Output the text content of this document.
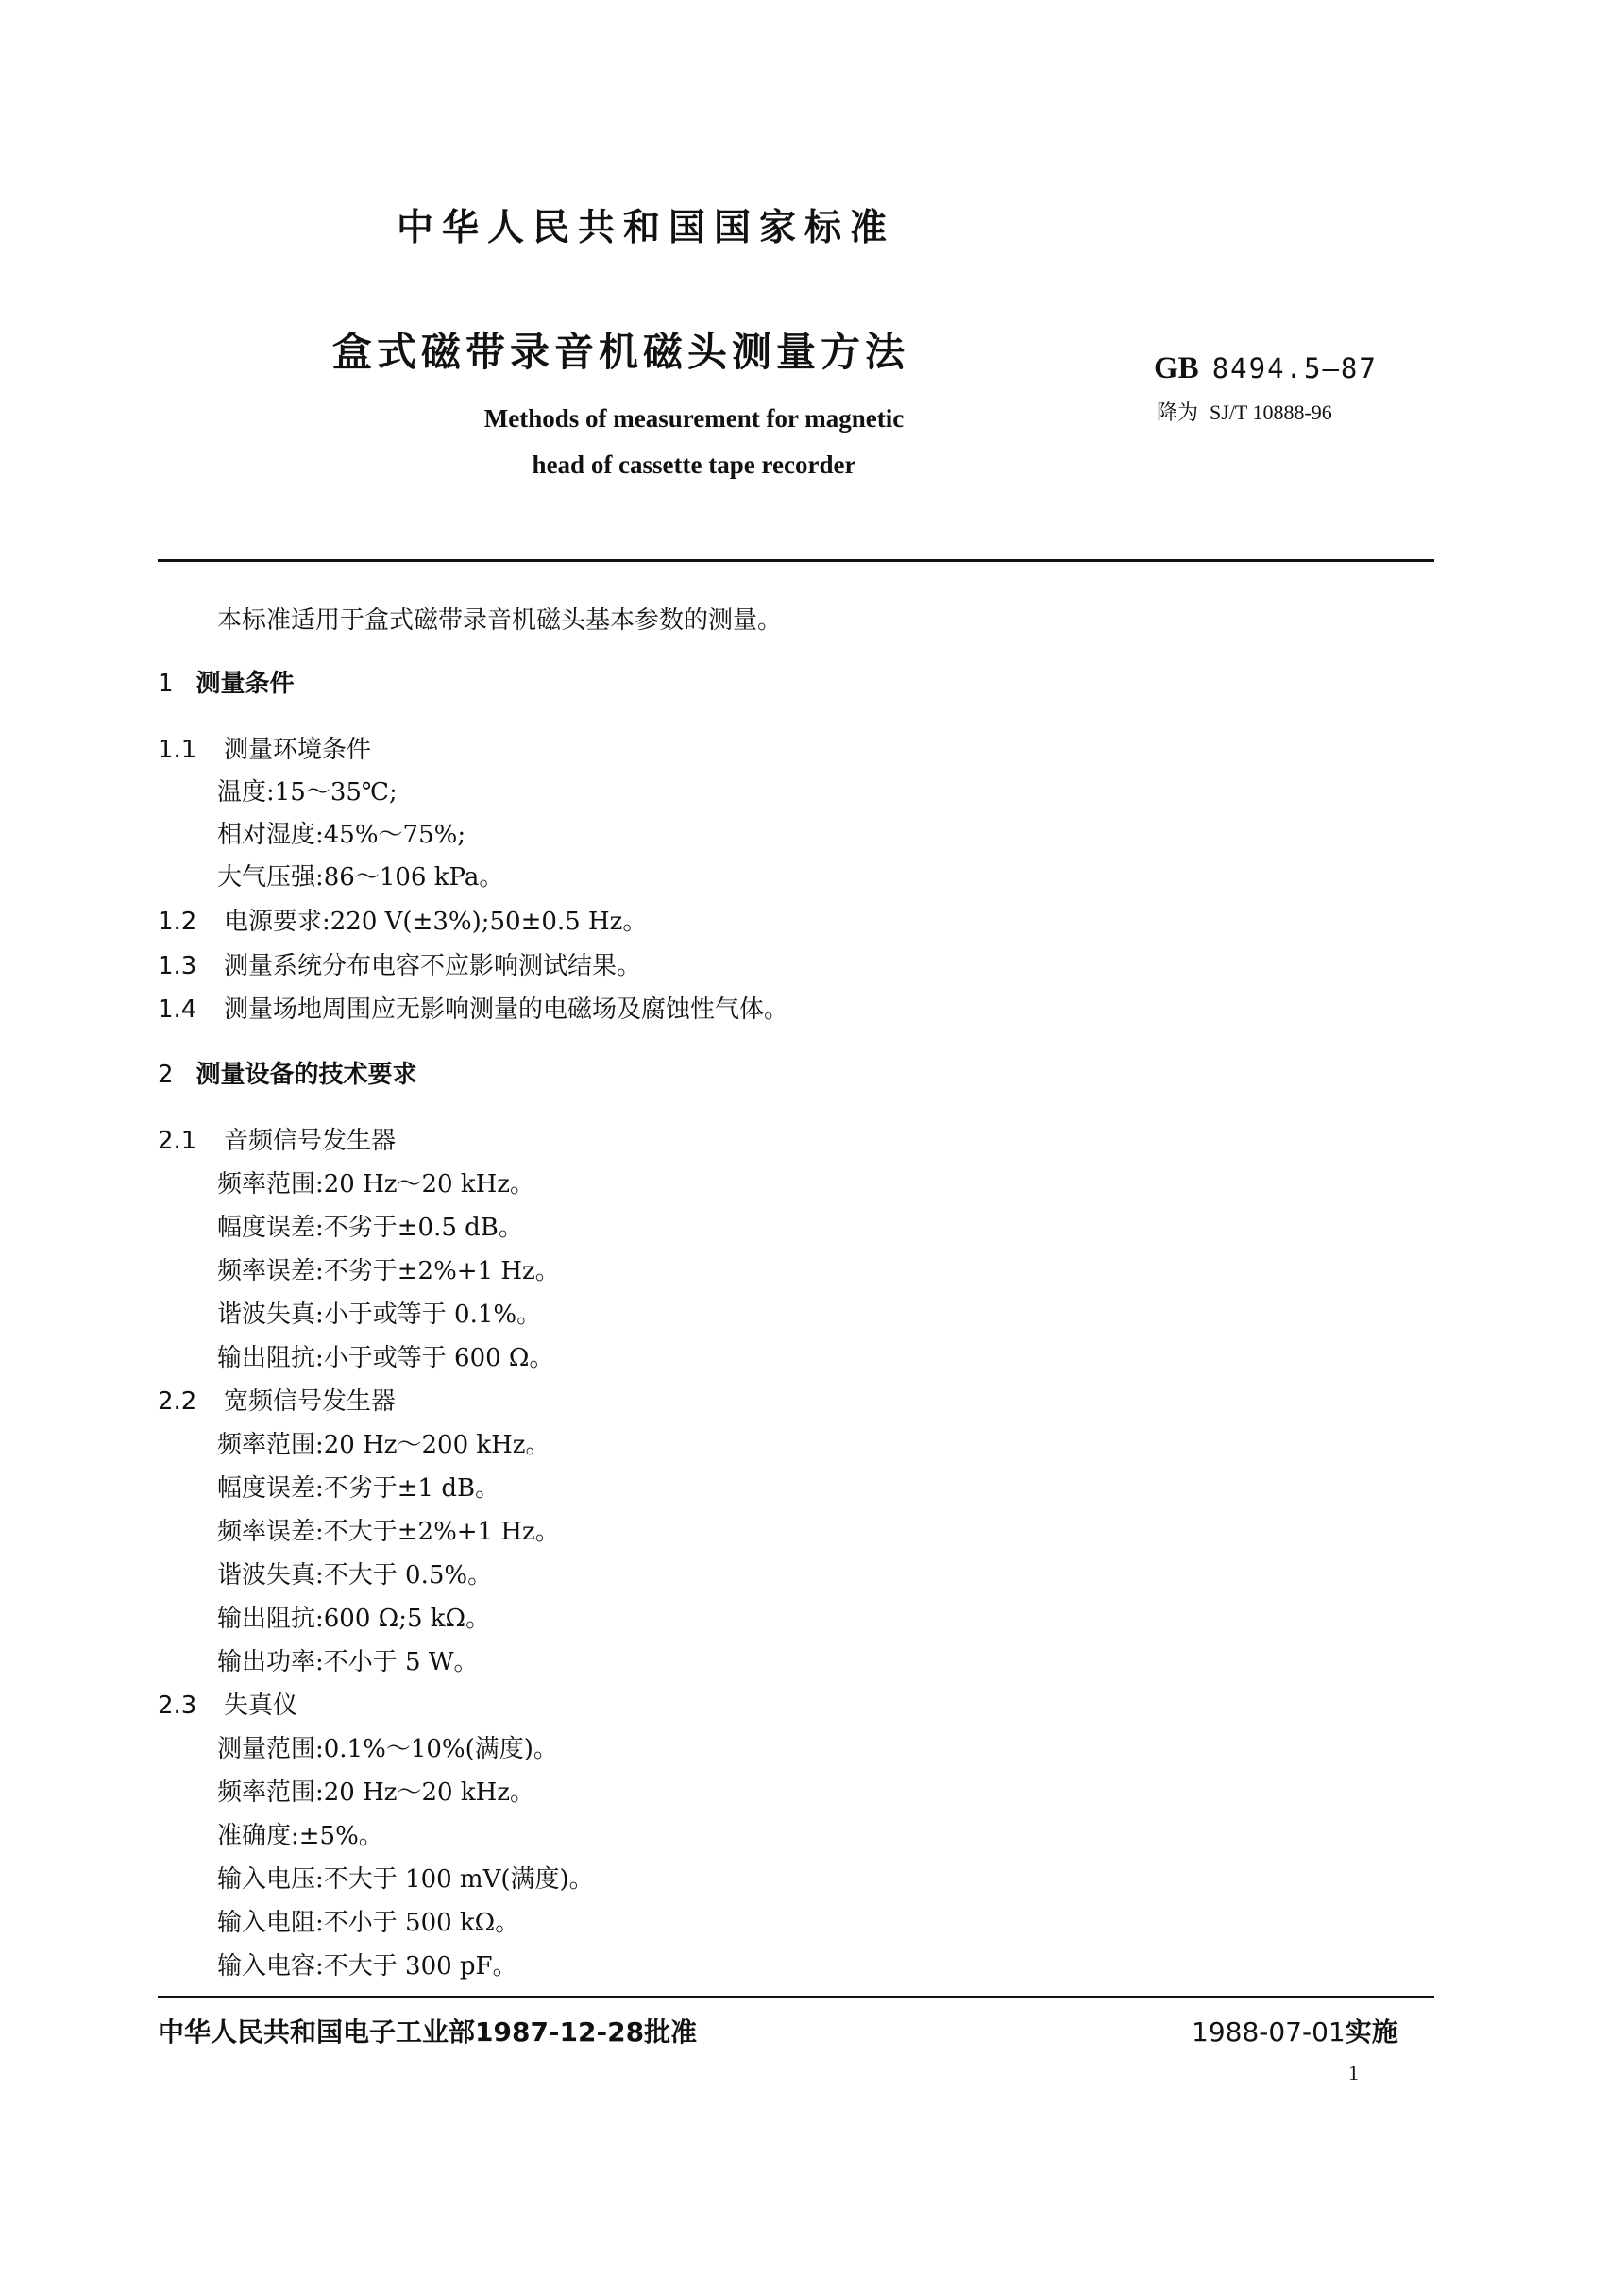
中华人民共和国国家标准
盒式磁带录音机磁头测量方法
Methods of measurement for magnetic
head of cassette tape recorder
GB 8494.5—87
降为 SJ/T 10888-96
本标准适用于盒式磁带录音机磁头基本参数的测量。
1 测量条件
1.1 测量环境条件
温度:15～35℃;
相对湿度:45%～75%;
大气压强:86～106 kPa。
1.2 电源要求:220 V(±3%);50±0.5 Hz。
1.3 测量系统分布电容不应影响测试结果。
1.4 测量场地周围应无影响测量的电磁场及腐蚀性气体。
2 测量设备的技术要求
2.1 音频信号发生器
频率范围:20 Hz～20 kHz。
幅度误差:不劣于±0.5 dB。
频率误差:不劣于±2%+1 Hz。
谐波失真:小于或等于 0.1%。
输出阻抗:小于或等于 600 Ω。
2.2 宽频信号发生器
频率范围:20 Hz～200 kHz。
幅度误差:不劣于±1 dB。
频率误差:不大于±2%+1 Hz。
谐波失真:不大于 0.5%。
输出阻抗:600 Ω;5 kΩ。
输出功率:不小于 5 W。
2.3 失真仪
测量范围:0.1%～10%(满度)。
频率范围:20 Hz～20 kHz。
准确度:±5%。
输入电压:不大于 100 mV(满度)。
输入电阻:不小于 500 kΩ。
输入电容:不大于 300 pF。
中华人民共和国电子工业部1987-12-28批准	1988-07-01实施
1
